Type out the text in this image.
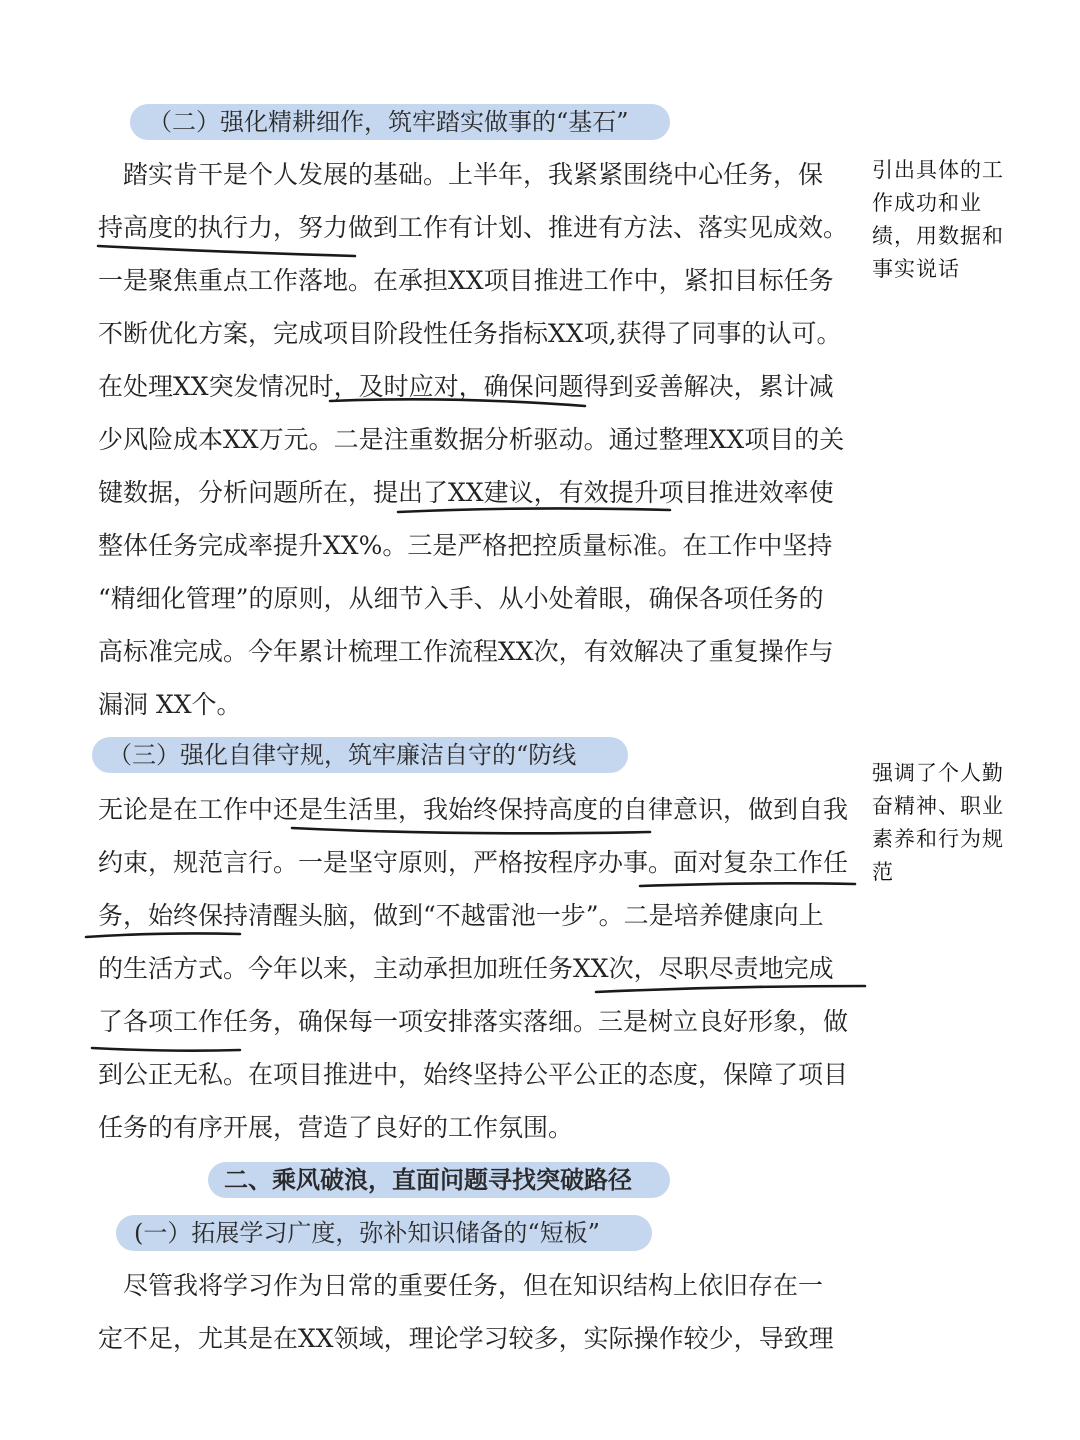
（二）强化精耕细作，筑牢踏实做事的“基石”
　踏实肯干是个人发展的基础。上半年，我紧紧围绕中心任务，保
持高度的执行力，努力做到工作有计划、推进有方法、落实见成效。
一是聚焦重点工作落地。在承担XX项目推进工作中，紧扣目标任务
不断优化方案，完成项目阶段性任务指标XX项,获得了同事的认可。
在处理XX突发情况时，及时应对，确保问题得到妥善解决，累计减
少风险成本XX万元。二是注重数据分析驱动。通过整理XX项目的关
键数据，分析问题所在，提出了XX建议，有效提升项目推进效率使
整体任务完成率提升XX%。三是严格把控质量标准。在工作中坚持
“精细化管理”的原则，从细节入手、从小处着眼，确保各项任务的
高标准完成。今年累计梳理工作流程XX次，有效解决了重复操作与
漏洞 XX个。
（三）强化自律守规，筑牢廉洁自守的“防线
无论是在工作中还是生活里，我始终保持高度的自律意识，做到自我
约束，规范言行。一是坚守原则，严格按程序办事。面对复杂工作任
务，始终保持清醒头脑，做到“不越雷池一步”。二是培养健康向上
的生活方式。今年以来，主动承担加班任务XX次，尽职尽责地完成
了各项工作任务，确保每一项安排落实落细。三是树立良好形象，做
到公正无私。在项目推进中，始终坚持公平公正的态度，保障了项目
任务的有序开展，营造了良好的工作氛围。
二、乘风破浪，直面问题寻找突破路径
(一）拓展学习广度，弥补知识储备的“短板”
　尽管我将学习作为日常的重要任务，但在知识结构上依旧存在一
定不足，尤其是在XX领域，理论学习较多，实际操作较少，导致理
引出具体的工
作成功和业
绩，用数据和
事实说话
强调了个人勤
奋精神、职业
素养和行为规
范
